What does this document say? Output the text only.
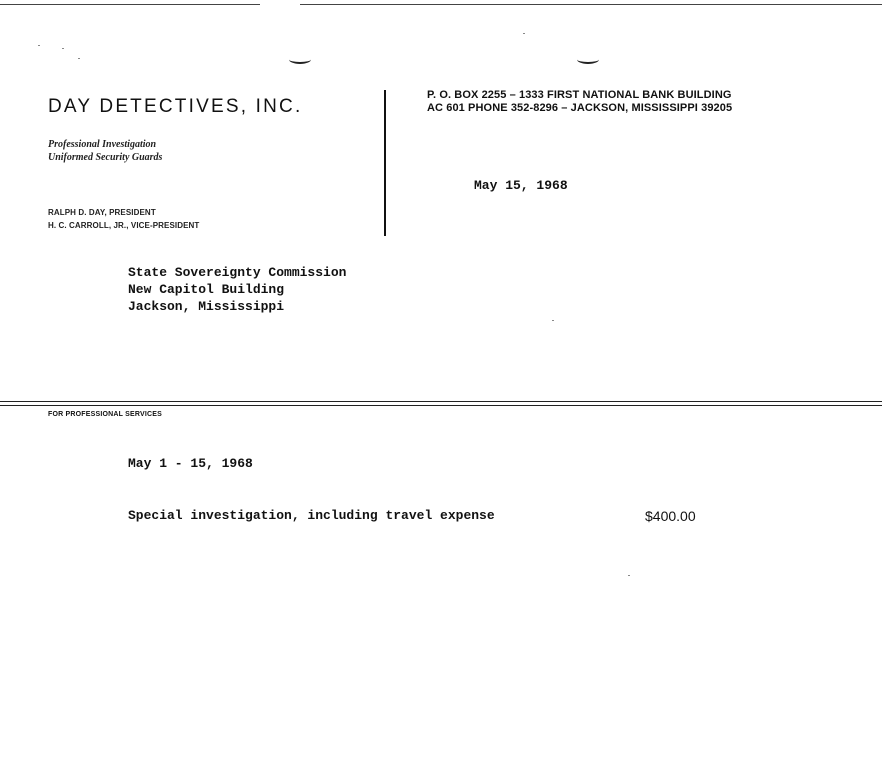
DAY DETECTIVES, INC.
Professional Investigation
Uniformed Security Guards
RALPH D. DAY, PRESIDENT
H. C. CARROLL, JR., VICE-PRESIDENT
P. O. BOX 2255 – 1333 FIRST NATIONAL BANK BUILDING
AC 601 PHONE 352-8296 – JACKSON, MISSISSIPPI 39205
May 15, 1968
State Sovereignty Commission
New Capitol Building
Jackson, Mississippi
FOR PROFESSIONAL SERVICES
May 1 - 15, 1968
Special investigation, including travel expense	$400.00
